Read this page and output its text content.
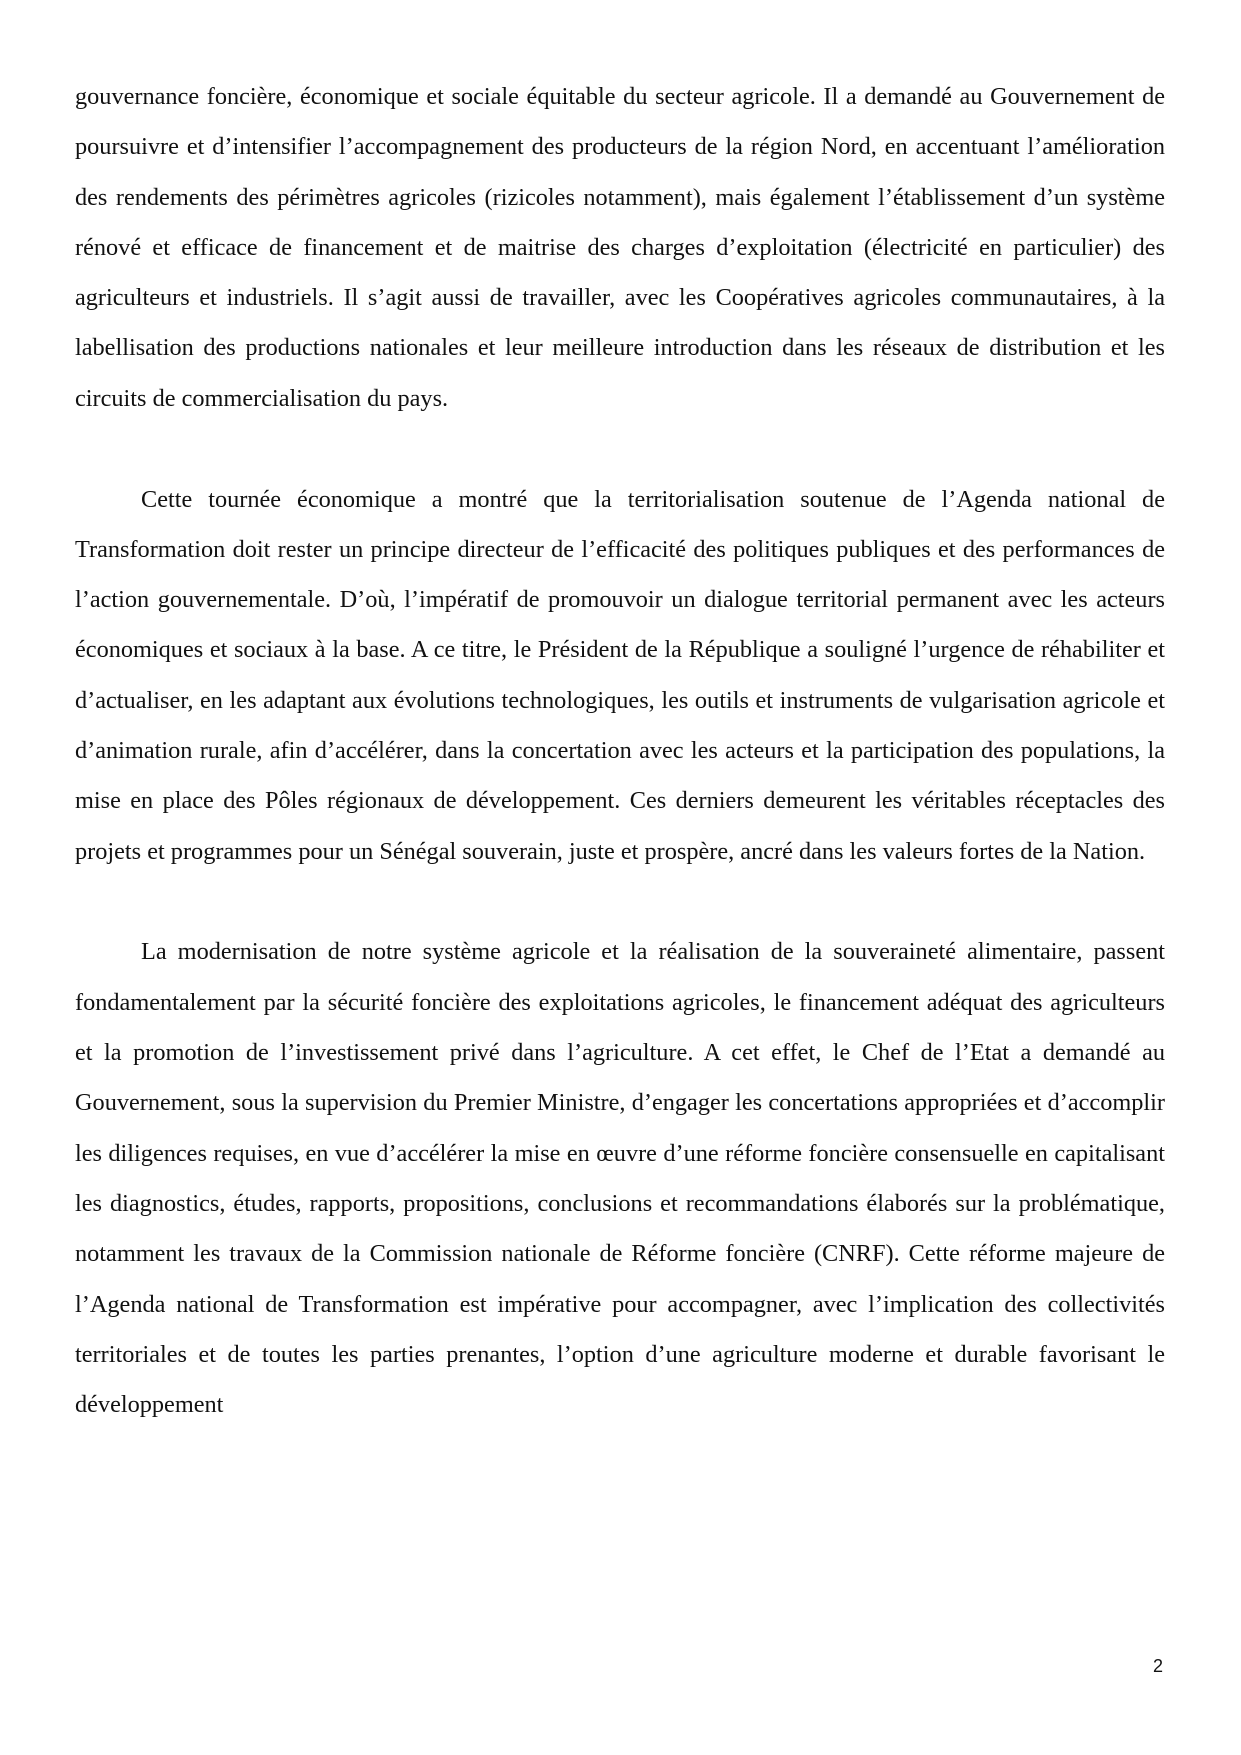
gouvernance foncière, économique et sociale équitable du secteur agricole. Il a demandé au Gouvernement de poursuivre et d’intensifier l’accompagnement des producteurs de la région Nord, en accentuant l’amélioration des rendements des périmètres agricoles (rizicoles notamment), mais également l’établissement d’un système rénové et efficace de financement et de maitrise des charges d’exploitation (électricité en particulier) des agriculteurs et industriels. Il s’agit aussi de travailler, avec les Coopératives agricoles communautaires, à la labellisation des productions nationales et leur meilleure introduction dans les réseaux de distribution et les circuits de commercialisation du pays.

Cette tournée économique a montré que la territorialisation soutenue de l’Agenda national de Transformation doit rester un principe directeur de l’efficacité des politiques publiques et des performances de l’action gouvernementale. D’où, l’impératif de promouvoir un dialogue territorial permanent avec les acteurs économiques et sociaux à la base. A ce titre, le Président de la République a souligné l’urgence de réhabiliter et d’actualiser, en les adaptant aux évolutions technologiques, les outils et instruments de vulgarisation agricole et d’animation rurale, afin d’accélérer, dans la concertation avec les acteurs et la participation des populations, la mise en place des Pôles régionaux de développement. Ces derniers demeurent les véritables réceptacles des projets et programmes pour un Sénégal souverain, juste et prospère, ancré dans les valeurs fortes de la Nation.

La modernisation de notre système agricole et la réalisation de la souveraineté alimentaire, passent fondamentalement par la sécurité foncière des exploitations agricoles, le financement adéquat des agriculteurs et la promotion de l’investissement privé dans l’agriculture. A cet effet, le Chef de l’Etat a demandé au Gouvernement, sous la supervision du Premier Ministre, d’engager les concertations appropriées et d’accomplir les diligences requises, en vue d’accélérer la mise en œuvre d’une réforme foncière consensuelle en capitalisant les diagnostics, études, rapports, propositions, conclusions et recommandations élaborés sur la problématique, notamment les travaux de la Commission nationale de Réforme foncière (CNRF). Cette réforme majeure de l’Agenda national de Transformation est impérative pour accompagner, avec l’implication des collectivités territoriales et de toutes les parties prenantes, l’option d’une agriculture moderne et durable favorisant le développement

2
